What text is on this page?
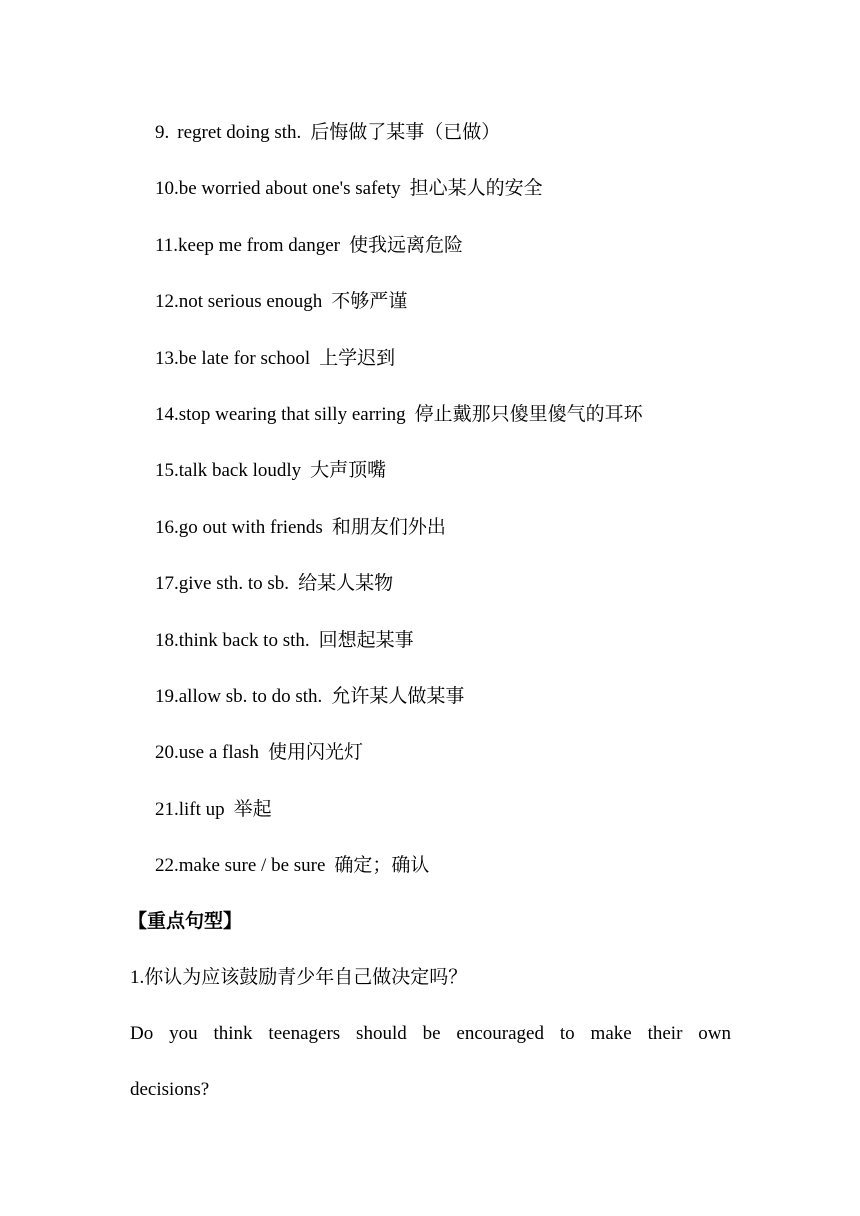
9. regret doing sth. 后悔做了某事（已做）
10.be worried about one's safety 担心某人的安全
11.keep me from danger 使我远离危险
12.not serious enough 不够严谨
13.be late for school 上学迟到
14.stop wearing that silly earring 停止戴那只傻里傻气的耳环
15.talk back loudly 大声顶嘴
16.go out with friends 和朋友们外出
17.give sth. to sb. 给某人某物
18.think back to sth. 回想起某事
19.allow sb. to do sth. 允许某人做某事
20.use a flash 使用闪光灯
21.lift up 举起
22.make sure / be sure 确定；确认
【重点句型】
1.你认为应该鼓励青少年自己做决定吗？
Do you think teenagers should be encouraged to make their own
decisions?
